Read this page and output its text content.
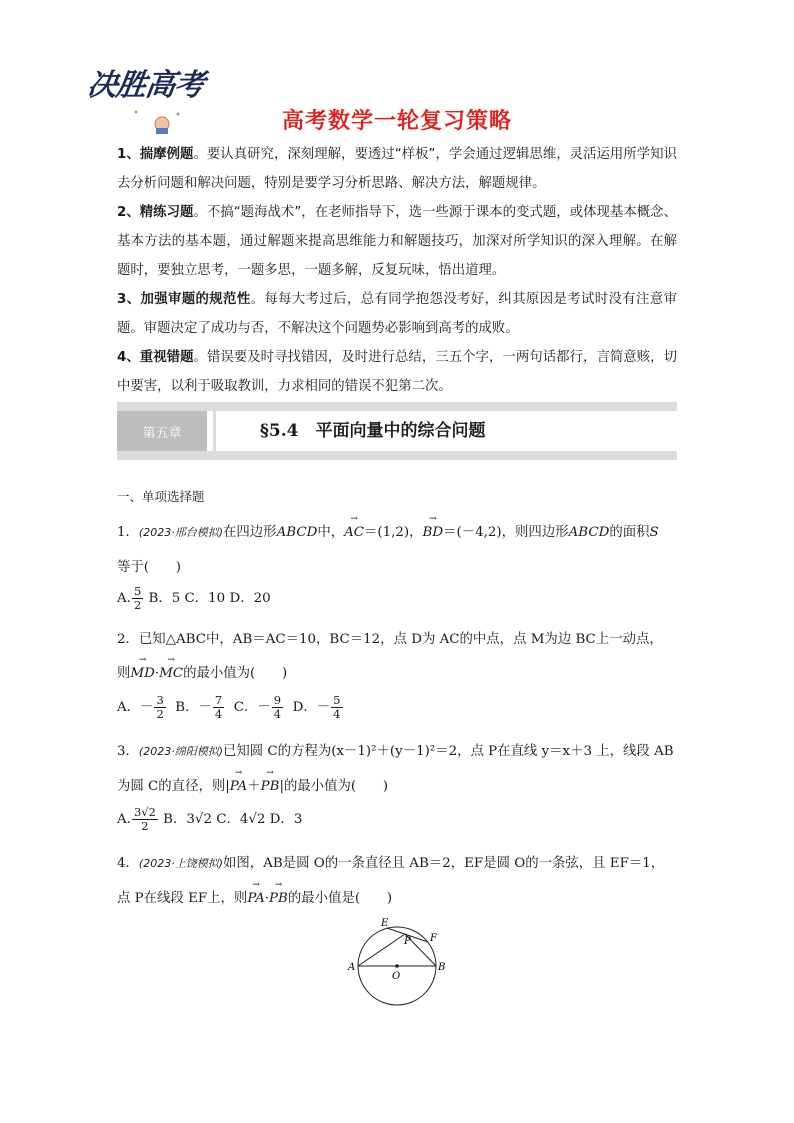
决胜高考
高考数学一轮复习策略

1、揣摩例题。要认真研究，深刻理解，要透过“样板”，学会通过逻辑思维，灵活运用所学知识去分析问题和解决问题，特别是要学习分析思路、解决方法，解题规律。

2、精练习题。不搞“题海战术”，在老师指导下，选一些源于课本的变式题，或体现基本概念、基本方法的基本题，通过解题来提高思维能力和解题技巧，加深对所学知识的深入理解。在解题时，要独立思考，一题多思，一题多解，反复玩味，悟出道理。

3、加强审题的规范性。每每大考过后，总有同学抱怨没考好，纠其原因是考试时没有注意审题。审题决定了成功与否，不解决这个问题势必影响到高考的成败。

4、重视错题。错误要及时寻找错因，及时进行总结，三五个字，一两句话都行，言简意赅，切中要害，以利于吸取教训，力求相同的错误不犯第二次。

第五章	§5.4　平面向量中的综合问题
一、单项选择题
1．(2023·邢台模拟)在四边形ABCD中，→ AC＝(1,2)，→ BD＝(－4,2)，则四边形ABCD的面积S
等于(　　)
A. $\frac{5}{2}$ B．5 C．10 D．20
2．已知△ABC中，AB＝AC＝10，BC＝12，点 D为 AC的中点，点 M为边 BC上一动点，
则→ MD·→ MC的最小值为(　　)
A．－ $\frac{3}{2}$ B．－ $\frac{7}{4}$ C．－ $\frac{9}{4}$ D．－ $\frac{5}{4}$
3．(2023·绵阳模拟)已知圆 C的方程为(x－1)²＋(y－1)²＝2，点 P在直线 y＝x＋3 上，线段 AB
为圆 C的直径，则|→ PA＋→ PB|的最小值为(　　)
A. $\frac{3√2}{2}$ B．3√2 C．4√2 D．3
4．(2023·上饶模拟)如图，AB是圆 O的一条直径且 AB＝2，EF是圆 O的一条弦，且 EF＝1，
点 P在线段 EF上，则→ PA·→ PB的最小值是(　　)
E
F
P
A	B
O
